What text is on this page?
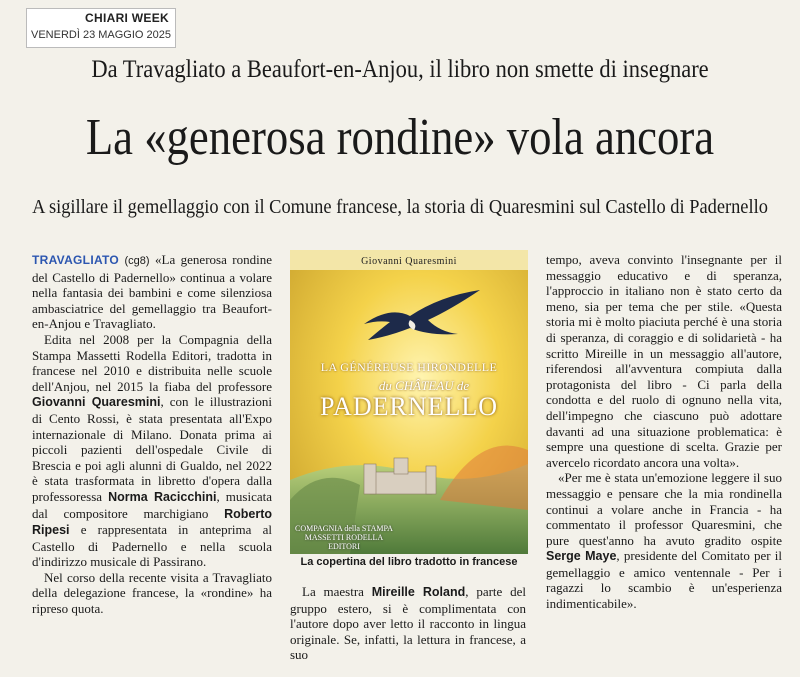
CHIARI WEEK
VENERDÌ 23 MAGGIO 2025
Da Travagliato a Beaufort-en-Anjou, il libro non smette di insegnare
La «generosa rondine» vola ancora
A sigillare il gemellaggio con il Comune francese, la storia di Quaresmini sul Castello di Padernello

TRAVAGLIATO (cg8) «La generosa rondine del Castello di Padernello» continua a volare nella fantasia dei bambini e come silenziosa ambasciatrice del gemellaggio tra Beaufort-en-Anjou e Travagliato.

Edita nel 2008 per la Compagnia della Stampa Massetti Rodella Editori, tradotta in francese nel 2010 e distribuita nelle scuole dell'Anjou, nel 2015 la fiaba del professore Giovanni Quaresmini, con le illustrazioni di Cento Rossi, è stata presentata all'Expo internazionale di Milano. Donata prima ai piccoli pazienti dell'ospedale Civile di Brescia e poi agli alunni di Gualdo, nel 2022 è stata trasformata in libretto d'opera dalla professoressa Norma Racicchini, musicata dal compositore marchigiano Roberto Ripesi e rappresentata in anteprima al Castello di Padernello e nella scuola d'indirizzo musicale di Passirano.

Nel corso della recente visita a Travagliato della delegazione francese, la «rondine» ha ripreso quota.

Giovanni Quaresmini
LA GÉNÉREUSE HIRONDELLE
du CHÂTEAU de
PADERNELLO
COMPAGNIA della STAMPA
MASSETTI RODELLA EDITORI
La copertina del libro tradotto in francese

La maestra Mireille Roland, parte del gruppo estero, si è complimentata con l'autore dopo aver letto il racconto in lingua originale. Se, infatti, la lettura in francese, a suo

tempo, aveva convinto l'insegnante per il messaggio educativo e di speranza, l'approccio in italiano non è stato certo da meno, sia per tema che per stile. «Questa storia mi è molto piaciuta perché è una storia di speranza, di coraggio e di solidarietà - ha scritto Mireille in un messaggio all'autore, riferendosi all'avventura compiuta dalla protagonista del libro - Ci parla della condotta e del ruolo di ognuno nella vita, dell'impegno che ciascuno può adottare davanti ad una situazione problematica: è sempre una questione di scelta. Grazie per avercelo ricordato ancora una volta».

«Per me è stata un'emozione leggere il suo messaggio e pensare che la mia rondinella continui a volare anche in Francia - ha commentato il professor Quaresmini, che pure quest'anno ha avuto gradito ospite Serge Maye, presidente del Comitato per il gemellaggio e amico ventennale - Per i ragazzi lo scambio è un'esperienza indimenticabile».
